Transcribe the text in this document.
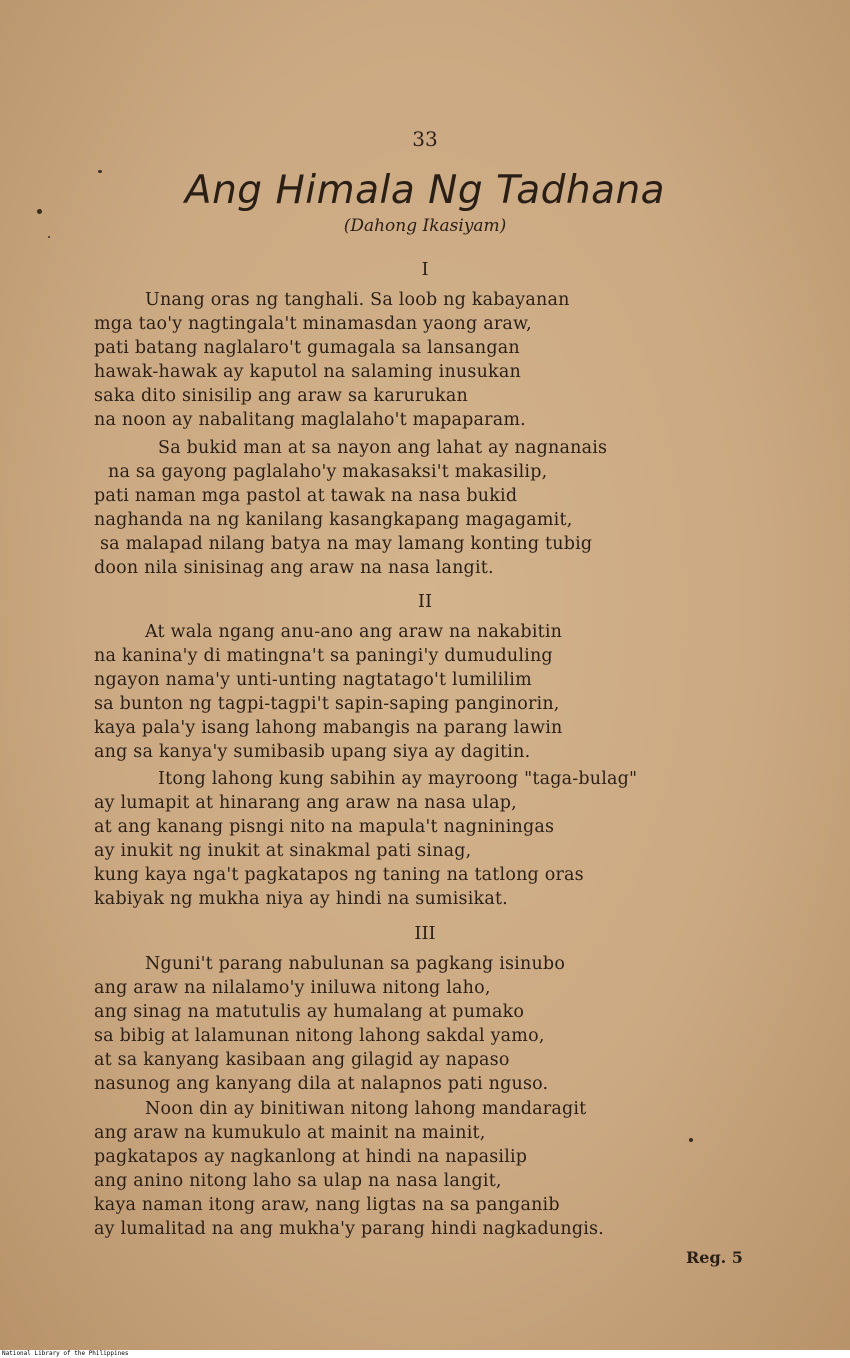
33
Ang Himala Ng Tadhana
(Dahong Ikasiyam)
I
Unang oras ng tanghali. Sa loob ng kabayanan
mga tao'y nagtingala't minamasdan yaong araw,
pati batang naglalaro't gumagala sa lansangan
hawak-hawak ay kaputol na salaming inusukan
saka dito sinisilip ang araw sa karurukan
na noon ay nabalitang maglalaho't mapaparam.
Sa bukid man at sa nayon ang lahat ay nagnanais
na sa gayong paglalaho'y makasaksi't makasilip,
pati naman mga pastol at tawak na nasa bukid
naghanda na ng kanilang kasangkapang magagamit,
sa malapad nilang batya na may lamang konting tubig
doon nila sinisinag ang araw na nasa langit.
II
At wala ngang anu-ano ang araw na nakabitin
na kanina'y di matingna't sa paningi'y dumuduling
ngayon nama'y unti-unting nagtatago't lumililim
sa bunton ng tagpi-tagpi't sapin-saping panginorin,
kaya pala'y isang lahong mabangis na parang lawin
ang sa kanya'y sumibasib upang siya ay dagitin.
Itong lahong kung sabihin ay mayroong "taga-bulag"
ay lumapit at hinarang ang araw na nasa ulap,
at ang kanang pisngi nito na mapula't nagniningas
ay inukit ng inukit at sinakmal pati sinag,
kung kaya nga't pagkatapos ng taning na tatlong oras
kabiyak ng mukha niya ay hindi na sumisikat.
III
Nguni't parang nabulunan sa pagkang isinubo
ang araw na nilalamo'y iniluwa nitong laho,
ang sinag na matutulis ay humalang at pumako
sa bibig at lalamunan nitong lahong sakdal yamo,
at sa kanyang kasibaan ang gilagid ay napaso
nasunog ang kanyang dila at nalapnos pati nguso.
Noon din ay binitiwan nitong lahong mandaragit
ang araw na kumukulo at mainit na mainit,
pagkatapos ay nagkanlong at hindi na napasilip
ang anino nitong laho sa ulap na nasa langit,
kaya naman itong araw, nang ligtas na sa panganib
ay lumalitad na ang mukha'y parang hindi nagkadungis.
Reg. 5
National Library of the Philippines
